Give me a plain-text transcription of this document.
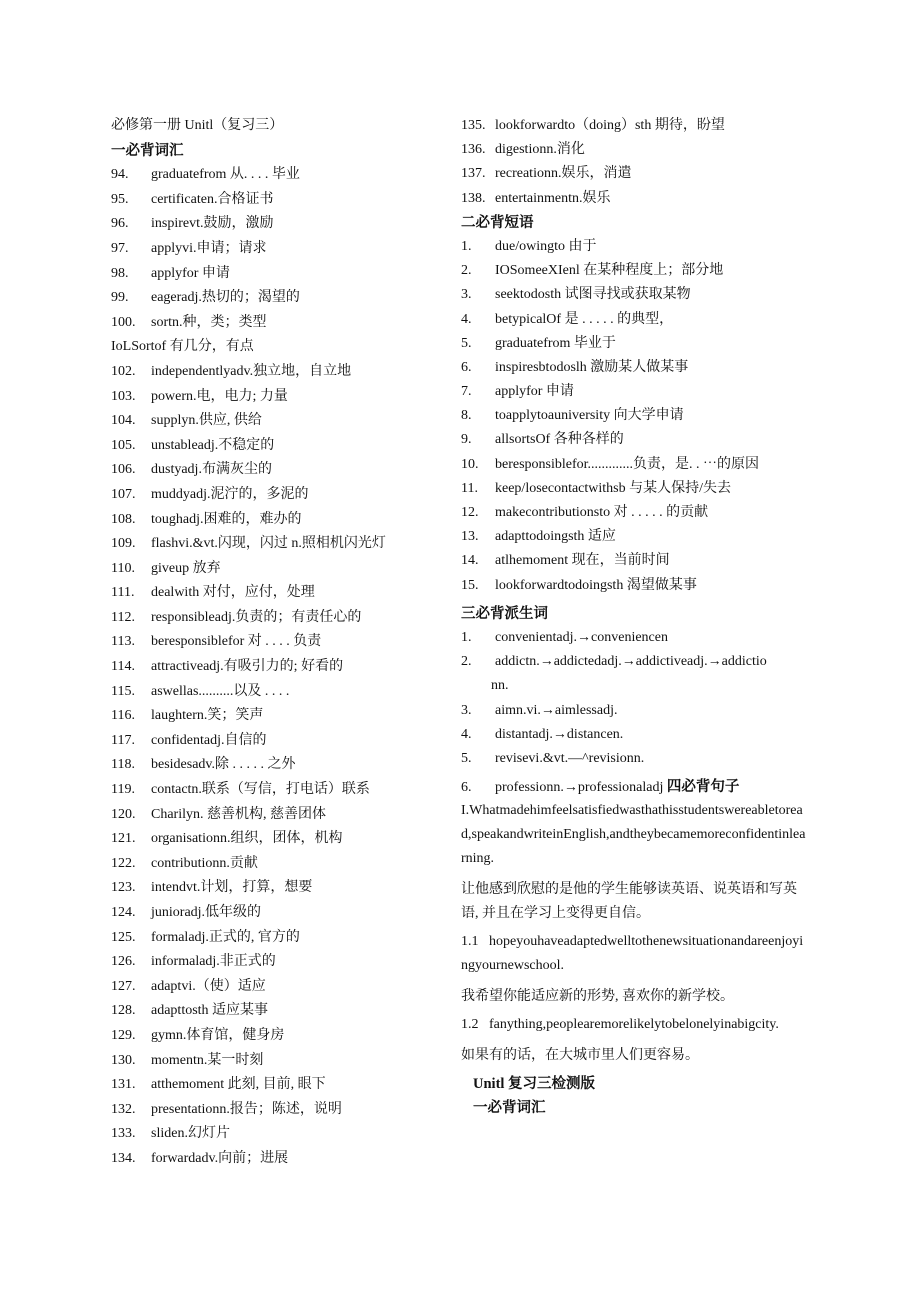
必修第一册 Unitl（复习三）
一必背词汇
94. graduatefrom 从. . . . 毕业
95. certificaten.合格证书
96. inspirevt.鼓励，激励
97. applyvi.申请；请求
98. applyfor 申请
99. eageradj.热切的；渴望的
100. sortn.种，类；类型
IoLSortof 有几分，有点
102. independentlyadv.独立地，自立地
103. powern.电，电力; 力量
104. supplyn.供应, 供给
105. unstableadj.不稳定的
106. dustyadj.布满灰尘的
107. muddyadj.泥泞的，多泥的
108. toughadj.困难的，难办的
109. flashvi.&vt.闪现，闪过 n.照相机闪光灯
110. giveup 放弃
111. dealwith 对付，应付，处理
112. responsibleadj.负责的；有责任心的
113. beresponsiblefor 对 . . . . 负责
114. attractiveadj.有吸引力的; 好看的
115. aswellas..........以及 . . . .
116. laughtern.笑；笑声
117. confidentadj.自信的
118. besidesadv.除 . . . . . 之外
119. contactn.联系（写信，打电话）联系
120. Charilyn. 慈善机构, 慈善团体
121. organisationn.组织，团体，机构
122. contributionn.贡献
123. intendvt.计划，打算，想要
124. junioradj.低年级的
125. formaladj.正式的, 官方的
126. informaladj.非正式的
127. adaptvi.（使）适应
128. adapttosth 适应某事
129. gymn.体育馆，健身房
130. momentn.某一时刻
131. atthemoment 此刻, 目前, 眼下
132. presentationn.报告；陈述，说明
133. sliden.幻灯片
134. forwardadv.向前；进展
135. lookforwardto（doing）sth 期待，盼望
136. digestionn.消化
137. recreationn.娱乐，消遣
138. entertainmentn.娱乐
二必背短语
1. due/owingto 由于
2. IOSomeeXIenl 在某种程度上；部分地
3. seektodosth 试图寻找或获取某物
4. betypicalOf 是 . . . . . 的典型，
5. graduatefrom 毕业于
6. inspiresbtodoslh 激励某人做某事
7. applyfor 申请
8. toapplytoauniversity 向大学申请
9. allsortsOf 各种各样的
10. beresponsiblefor.............负责，是. . ⋯的原因
11. keep/losecontactwithsb 与某人保持/失去
12. makecontributionsto 对 . . . . . 的贡献
13. adapttodoingsth 适应
14. atlhemoment 现在，当前时间
15. lookforwardtodoingsth 渴望做某事
三必背派生词
1. convenientadj.→conveniencen
2. addictn.→addictedadj.→addictiveadj.→addictio
nn.
3. aimn.vi.→aimlessadj.
4. distantadj.→distancen.
5. revisevi.&vt.—^revisionn.
6. professionn.→professionaladj 四必背句子

I.Whatmadehimfeelsatisfiedwasthathisstudentswereabletoread,speakandwriteinEnglish,andtheybecamemoreconfidentinlearning.

让他感到欣慰的是他的学生能够读英语、说英语和写英语, 并且在学习上变得更自信。

1.1 hopeyouhaveadaptedwelltothenewsituationandareenjoyingyournewschool.

我希望你能适应新的形势, 喜欢你的新学校。

1.2 fanything,peoplearemorelikelytobelonelyinabigcity.

如果有的话，在大城市里人们更容易。

Unitl 复习三检测版
一必背词汇
